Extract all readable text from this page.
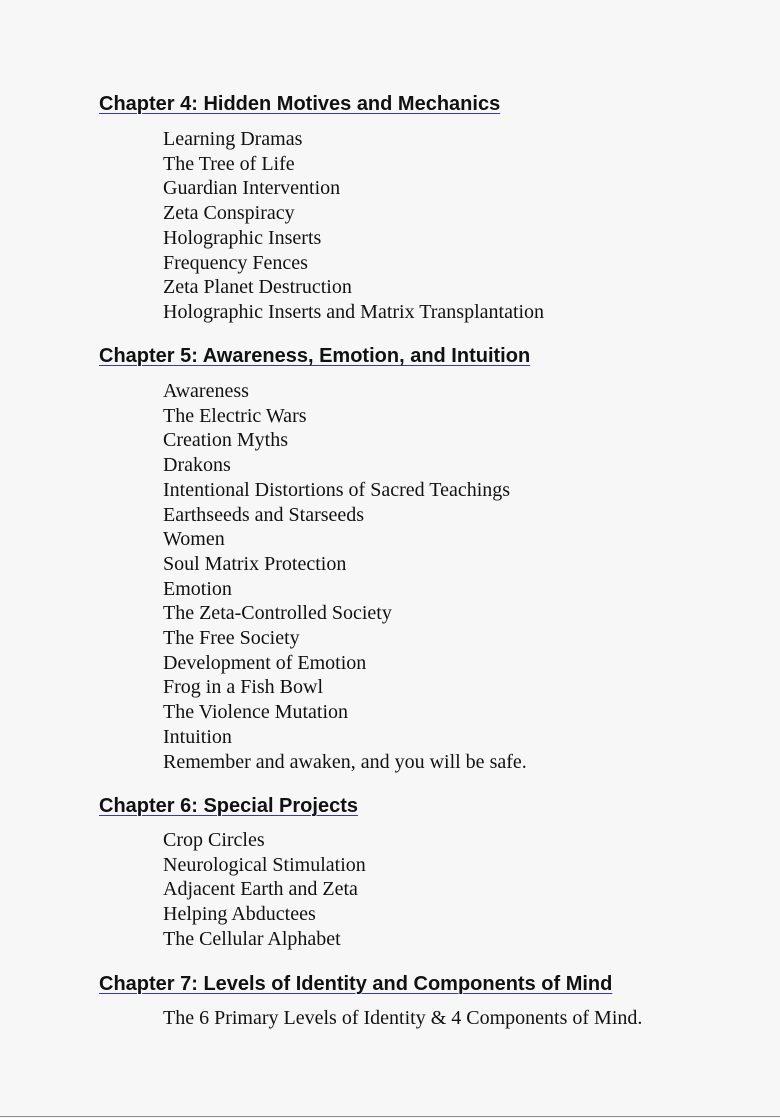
Chapter 4: Hidden Motives and Mechanics
Learning Dramas
The Tree of Life
Guardian Intervention
Zeta Conspiracy
Holographic Inserts
Frequency Fences
Zeta Planet Destruction
Holographic Inserts and Matrix Transplantation
Chapter 5: Awareness, Emotion, and Intuition
Awareness
The Electric Wars
Creation Myths
Drakons
Intentional Distortions of Sacred Teachings
Earthseeds and Starseeds
Women
Soul Matrix Protection
Emotion
The Zeta-Controlled Society
The Free Society
Development of Emotion
Frog in a Fish Bowl
The Violence Mutation
Intuition
Remember and awaken, and you will be safe.
Chapter 6: Special Projects
Crop Circles
Neurological Stimulation
Adjacent Earth and Zeta
Helping Abductees
The Cellular Alphabet
Chapter 7: Levels of Identity and Components of Mind
The 6 Primary Levels of Identity & 4 Components of Mind.
